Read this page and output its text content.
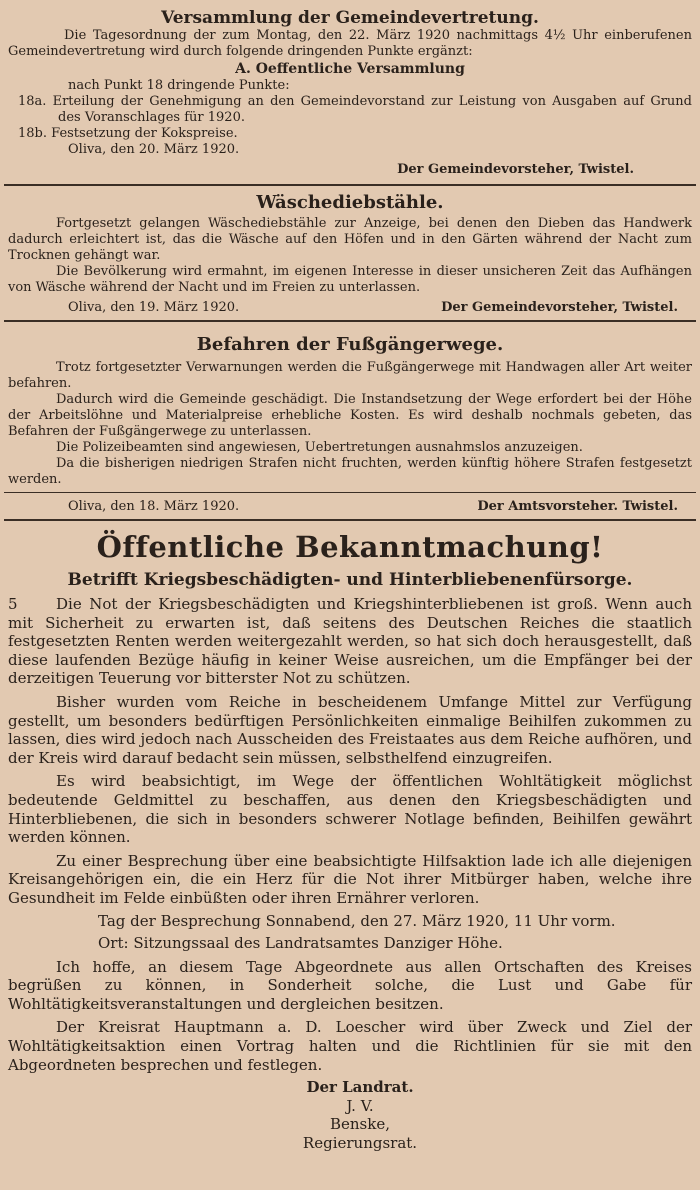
Versammlung der Gemeindevertretung.

Die Tagesordnung der zum Montag, den 22. März 1920 nachmittags 4½ Uhr einberufenen Gemeindevertretung wird durch folgende dringenden Punkte ergänzt:

A. Oeffentliche Versammlung

nach Punkt 18 dringende Punkte:

18a. Erteilung der Genehmigung an den Gemeindevorstand zur Leistung von Ausgaben auf Grund des Voranschlages für 1920.

18b. Festsetzung der Kokspreise.

Oliva, den 20. März 1920.

Der Gemeindevorsteher, Twistel.

Wäschediebstähle.

Fortgesetzt gelangen Wäschediebstähle zur Anzeige, bei denen den Dieben das Handwerk dadurch erleichtert ist, das die Wäsche auf den Höfen und in den Gärten während der Nacht zum Trocknen gehängt war.

Die Bevölkerung wird ermahnt, im eigenen Interesse in dieser unsicheren Zeit das Aufhängen von Wäsche während der Nacht und im Freien zu unterlassen.

Oliva, den 19. März 1920.	Der Gemeindevorsteher, Twistel.
Befahren der Fußgängerwege.

Trotz fortgesetzter Verwarnungen werden die Fußgängerwege mit Handwagen aller Art weiter befahren.

Dadurch wird die Gemeinde geschädigt. Die Instandsetzung der Wege erfordert bei der Höhe der Arbeitslöhne und Materialpreise erhebliche Kosten. Es wird deshalb nochmals gebeten, das Befahren der Fußgängerwege zu unterlassen.

Die Polizeibeamten sind angewiesen, Uebertretungen ausnahmslos anzuzeigen.

Da die bisherigen niedrigen Strafen nicht fruchten, werden künftig höhere Strafen festgesetzt werden.

Oliva, den 18. März 1920.	Der Amtsvorsteher. Twistel.
Öffentliche Bekanntmachung!
Betrifft Kriegsbeschädigten- und Hinterbliebenenfürsorge.
5	Die Not der Kriegsbeschädigten und Kriegshinterbliebenen ist groß. Wenn auch mit Sicherheit zu erwarten ist, daß seitens des Deutschen Reiches die staatlich festgesetzten Renten werden weitergezahlt werden, so hat sich doch herausgestellt, daß diese laufenden Bezüge häufig in keiner Weise ausreichen, um die Empfänger bei der derzeitigen Teuerung vor bitterster Not zu schützen.

Bisher wurden vom Reiche in bescheidenem Umfange Mittel zur Verfügung gestellt, um besonders bedürftigen Persönlichkeiten einmalige Beihilfen zukommen zu lassen, dies wird jedoch nach Ausscheiden des Freistaates aus dem Reiche aufhören, und der Kreis wird darauf bedacht sein müssen, selbsthelfend einzugreifen.

Es wird beabsichtigt, im Wege der öffentlichen Wohltätigkeit möglichst bedeutende Geldmittel zu beschaffen, aus denen den Kriegsbeschädigten und Hinterbliebenen, die sich in besonders schwerer Notlage befinden, Beihilfen gewährt werden können.

Zu einer Besprechung über eine beabsichtigte Hilfsaktion lade ich alle diejenigen Kreisangehörigen ein, die ein Herz für die Not ihrer Mitbürger haben, welche ihre Gesundheit im Felde einbüßten oder ihren Ernährer verloren.

Tag der Besprechung Sonnabend, den 27. März 1920, 11 Uhr vorm.

Ort: Sitzungssaal des Landratsamtes Danziger Höhe.

Ich hoffe, an diesem Tage Abgeordnete aus allen Ortschaften des Kreises begrüßen zu können, in Sonderheit solche, die Lust und Gabe für Wohltätigkeitsveranstaltungen und dergleichen besitzen.

Der Kreisrat Hauptmann a. D. Loescher wird über Zweck und Ziel der Wohltätigkeitsaktion einen Vortrag halten und die Richtlinien für sie mit den Abgeordneten besprechen und festlegen.

Der Landrat.

J. V.

Benske,

Regierungsrat.
